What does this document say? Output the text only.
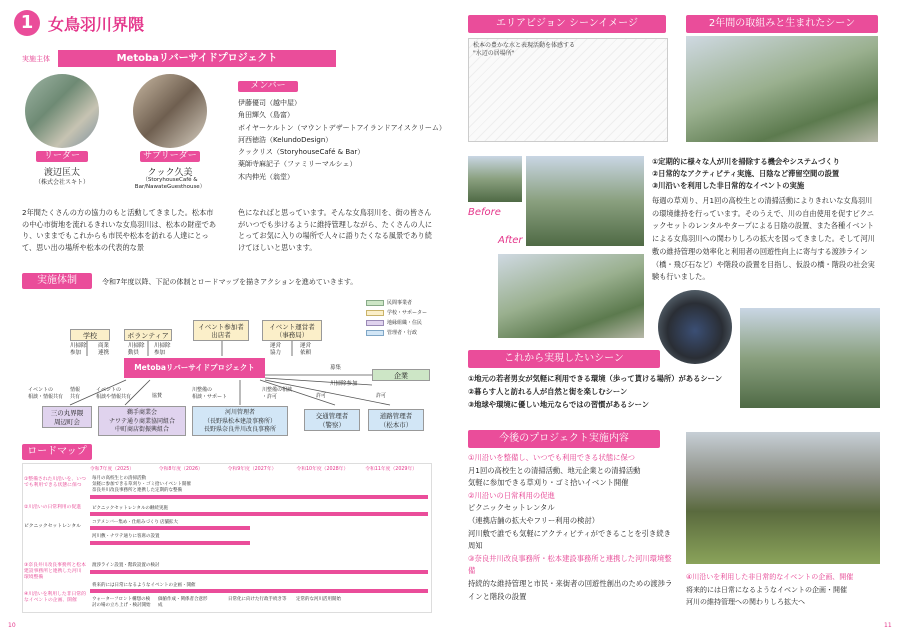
1 女鳥羽川界隈
実施主体	Metobaリバーサイドプロジェクト
リーダー
渡辺匡太
（株式会社スキト）
サブリーダー
クック久美
（StoryhouseCafé & Bar/NawateGuesthouse）
メンバー
伊藤優司（越中屋）
角田輝久（島富）
ボイヤーケルトン（マウントデザートアイランドアイスクリーム）
河西徳浩（KelundoDesign）
クックリス（StoryhouseCafé & Bar）
薬師寺麻記子（ファミリーマルシェ）
木内伸光（翁堂）
2年間たくさんの方の協力のもと活動してきました。松本市の中心市街地を流れるきれいな女鳥羽川は、松本の財産であり、いままでもこれからも市民や松本を訪れる人達にとって、思い出の場所や松本の代表的な景
色になればと思っています。そんな女鳥羽川を、街の皆さんがいつでも歩けるように維持管理しながら、たくさんの人にとってお気に入りの場所で人々に語りたくなる風景であり続けてほしいと思います。
実施体制	令和7年度以降、下記の体制とロードマップを描きアクションを進めていきます。
民間事業者
学校・サポーター
地縁組織・住民
管理者・行政
学校	ボランティア
イベント参加者
出店者
イベント運営者
（事務局）
川掃除
参加
商業
連携
川掃除
動員
川掃除
参加
運営
協力
運営
依頼
募集
川掃除参加
Metobaリバーサイドプロジェクト
企業
イベントの
相談・情報共有
情報
共有
イベントの
相談や情報共有	協賛
川整備の
相談・サポート
川整備の相談
・許可	許可	許可
三の丸界隈
周辺町会
鵜手商業会
ナワテ通り商業協同組合
中町商店街振興組合
河川管理者
（長野県松本建設事務所）
長野県奈良井川改良事務所
交通管理者
（警察）
道路管理者
（松本市）
ロードマップ
令和7年度（2025）	令和8年度（2026）	令和9年度（2027年）	令和10年度（2028年）	令和11年度（2029年）
①整備された川沿いを、いつでも利用できる状態に保つ
毎月の高校生との清掃活動
気軽に参加できる草刈り・ゴミ拾いイベント開催
奈良井川改良事務所と連携した定期的な整備
②川沿いの日常利用の促進	ピクニックセットレンタルの継続実施
コアメンバー集め・仕組みづくり 店舗拡大
ピクニックセットレンタル
河川敷・ナワテ通りに客席の設置
③奈良井川改良事務所と松本建設事務所と連携した河川環境整備
渡渉ライン設置・階段設置の検討
④川沿いを利用した非日常的なイベントの企画、開催
将来的には日常になるようなイベントの企画・開催
ウォーターフロント構想の検討の場の立ち上げ・検討開始
価値作成・関係者合意形成
日常化に向けた行政手続き等	定常的な河川活用開始
10
エリアビジョン シーンイメージ
松本の豊かな水と表現活動を体感する
"水辺の居場所"
2年間の取組みと生まれたシーン
Before
After
①定期的に様々な人が川を掃除する機会やシステムづくり
②日常的なアクティビティ実施、日陰など滞留空間の設置
③川沿いを利用した非日常的なイベントの実施
毎週の草刈り、月1回の高校生との清掃活動によりきれいな女鳥羽川の環境維持を行っています。そのうえで、川の自由使用を促すピクニックセットのレンタルやタープによる日陰の設置、また各種イベントによる女鳥羽川への関わりしろの拡大を図ってきました。そして河川敷の維持管理の効率化と利用者の回遊性向上に寄与する渡渉ライン（橋・飛び石など）や階段の設置を目指し、仮設の橋・階段の社会実験も行いました。
これから実現したいシーン
①地元の若者男女が気軽に利用できる環境（歩って貰ける場所）があるシーン
②暮らす人と訪れる人が自然と街を楽しむシーン
③地球や環境に優しい地元ならではの習慣があるシーン
今後のプロジェクト実施内容
①川沿いを整備し、いつでも利用できる状態に保つ
月1回の高校生との清掃活動、地元企業との清掃活動
気軽に参加できる草刈り・ゴミ拾いイベント開催
②川沿いの日常利用の促進
ピクニックセットレンタル
（連携店舗の拡大やフリー利用の検討）
河川敷で誰でも気軽にアクティビティができることを引き続き周知
③奈良井川改良事務所・松本建設事務所と連携した河川環境整備
持続的な維持管理と市民・来街者の回遊性創出のための渡渉ラインと階段の設置
④川沿いを利用した非日常的なイベントの企画、開催
将来的には日常になるようなイベントの企画・開催
河川の維持管理への関わりしろ拡大へ
11
